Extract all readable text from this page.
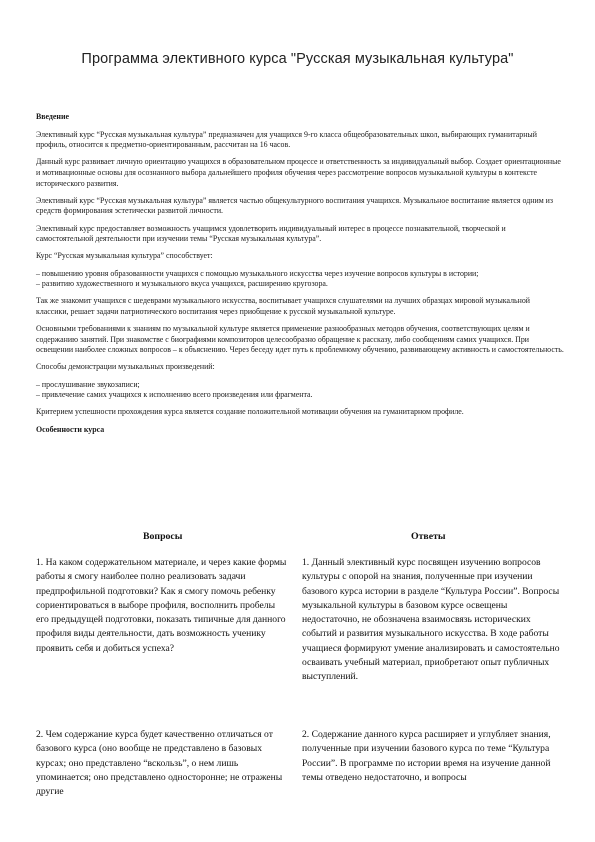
Программа элективного курса "Русская музыкальная культура"

Введение

Элективный курс “Русская музыкальная культура” предназначен для учащихся 9-го класса общеобразовательных школ, выбирающих гуманитарный профиль, относится к предметно-ориентированным, рассчитан на 16 часов.

Данный курс развивает личную ориентацию учащихся в образовательном процессе и ответственность за индивидуальный выбор. Создает ориентационные и мотивационные основы для осознанного выбора дальнейшего профиля обучения через рассмотрение вопросов музыкальной культуры в контексте исторического развития.

Элективный курс “Русская музыкальная культура” является частью общекультурного воспитания учащихся. Музыкальное воспитание является одним из средств формирования эстетически развитой личности.

Элективный курс предоставляет возможность учащимся удовлетворить индивидуальный интерес в процессе познавательной, творческой и самостоятельной деятельности при изучении темы “Русская музыкальная культура”.

Курс “Русская музыкальная культура” способствует:

– повышению уровня образованности учащихся с помощью музыкального искусства через изучение вопросов культуры в истории;

– развитию художественного и музыкального вкуса учащихся, расширению кругозора.

Так же знакомит учащихся с шедеврами музыкального искусства, воспитывает учащихся слушателями на лучших образцах мировой музыкальной классики, решает задачи патриотического воспитания через приобщение к русской музыкальной культуре.

Основными требованиями к знаниям по музыкальной культуре является применение разнообразных методов обучения, соответствующих целям и содержанию занятий. При знакомстве с биографиями композиторов целесообразно обращение к рассказу, либо сообщениям самих учащихся. При освещении наиболее сложных вопросов – к объяснению. Через беседу идет путь к проблемному обучению, развивающему активность и самостоятельность.

Способы демонстрации музыкальных произведений:

– прослушивание звукозаписи;

– привлечение самих учащихся к исполнению всего произведения или фрагмента.

Критерием успешности прохождения курса является создание положительной мотивации обучения на гуманитарном профиле.

Особенности курса

Вопросы	Ответы
1. На каком содержательном материале, и через какие формы работы я смогу наиболее полно реализовать задачи предпрофильной подготовки? Как я смогу помочь ребенку сориентироваться в выборе профиля, восполнить пробелы его предыдущей подготовки, показать типичные для данного профиля виды деятельности, дать возможность ученику проявить себя и добиться успеха?
1. Данный элективный курс посвящен изучению вопросов культуры с опорой на знания, полученные при изучении базового курса истории в разделе “Культура России”. Вопросы музыкальной культуры в базовом курсе освещены недостаточно, не обозначена взаимосвязь исторических событий и развития музыкального искусства. В ходе работы учащиеся формируют умение анализировать и самостоятельно осваивать учебный материал, приобретают опыт публичных выступлений.
2. Чем содержание курса будет качественно отличаться от базового курса (оно вообще не представлено в базовых курсах; оно представлено “вскользь”, о нем лишь упоминается; оно представлено односторонне; не отражены другие
2. Содержание данного курса расширяет и углубляет знания, полученные при изучении базового курса по теме “Культура России”. В программе по истории время на изучение данной темы отведено недостаточно, и вопросы
